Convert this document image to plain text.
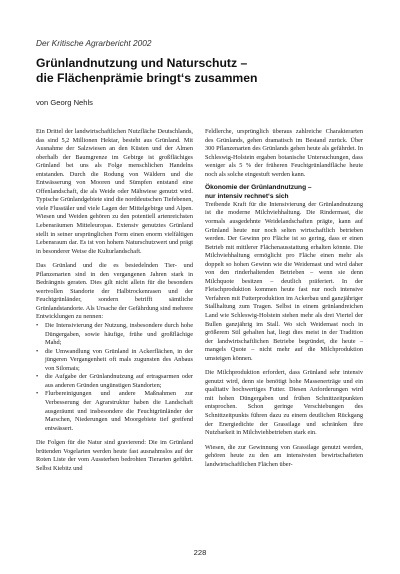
Der Kritische Agrarbericht 2002
Grünlandnutzung und Naturschutz –
die Flächenprämie bringt‘s zusammen
von Georg Nehls

Ein Drittel der landwirtschaftlichen Nutzfläche Deutschlands, das sind 5,2 Millionen Hektar, besteht aus Grünland. Mit Ausnahme der Salzwiesen an den Küsten und der Almen oberhalb der Baumgrenze im Gebirge ist großflächiges Grünland bei uns als Folge menschlichen Handelns entstanden. Durch die Rodung von Wäldern und die Entwässerung von Mooren und Sümpfen entstand eine Offenlandschaft, die als Weide oder Mähwiese genutzt wird. Typische Grünlandgebiete sind die norddeutschen Tiefebenen, viele Flusstäler und viele Lagen der Mittelgebirge und Alpen. Wiesen und Weiden gehören zu den potentiell artenreichsten Lebensräumen Mitteleuropas. Extensiv genutztes Grünland stellt in seiner ursprünglichen Form einen enorm vielfältigen Lebensraum dar. Es ist von hohem Naturschutzwert und prägt in besonderer Weise die Kulturlandschaft.

Das Grünland und die es besiedelnden Tier- und Pflanzenarten sind in den vergangenen Jahren stark in Bedrängnis geraten. Dies gilt nicht allein für die besonders wertvollen Standorte der Halbtrockenrasen und der Feuchtgrünländer, sondern betrifft sämtliche Grünlandstandorte. Als Ursache der Gefährdung sind mehrere Entwicklungen zu nennen:

• Die Intensivierung der Nutzung, insbesondere durch hohe Düngergaben, sowie häufige, frühe und großflächige Mahd;
• die Umwandlung von Grünland in Ackerflächen, in der jüngeren Vergangenheit oft mals zugunsten des Anbaus von Silomais;
• die Aufgabe der Grünlandnutzung auf ertragsarmen oder aus anderen Gründen ungünstigen Standorten;
• Flurbereinigungen und andere Maßnahmen zur Verbesserung der Agrarstruktur haben die Landschaft ausgeräumt und insbesondere die Feuchtgrünländer der Marschen, Niederungen und Moorgebiete tief greifend entwässert.

Die Folgen für die Natur sind gravierend: Die im Grünland brütenden Vogelarten werden heute fast ausnahmslos auf der Roten Liste der vom Aussterben bedrohten Tierarten geführt. Selbst Kiebitz und

Feldlerche, ursprünglich überaus zahlreiche Charakterarten des Grünlands, gehen dramatisch im Bestand zurück. Über 300 Pflanzenarten des Grünlands gehen heute als gefährdet. In Schleswig-Holstein ergaben botanische Untersuchungen, dass weniger als 5 % der früheren Feuchtgrünlandfläche heute noch als solche eingestuft werden kann.

Ökonomie der Grünlandnutzung –
nur intensiv rechnet‘s sich

Treibende Kraft für die Intensivierung der Grünlandnutzung ist die moderne Milchviehhaltung. Die Rindermast, die vormals ausgedehnte Weidelandschaften prägte, kann auf Grünland heute nur noch selten wirtschaftlich betrieben werden. Der Gewinn pro Fläche ist so gering, dass er einen Betrieb mit mittlerer Flächenausstattung erhalten könnte. Die Milchviehhaltung ermöglicht pro Fläche einen mehr als doppelt so hohen Gewinn wie die Weidemast und wird daher von den rinderhaltenden Betrieben – wenn sie denn Milchquote besitzen – deutlich präferiert. In der Fleischproduktion kommen heute fast nur noch intensive Verfahren mit Futterproduktion im Ackerbau und ganzjähriger Stallhaltung zum Tragen. Selbst in einem grünlandreichen Land wie Schleswig-Holstein stehen mehr als drei Viertel der Bullen ganzjährig im Stall. Wo sich Weidemast noch in größerem Stil gehalten hat, liegt dies meist in der Tradition der landwirtschaftlichen Betriebe begründet, die heute – mangels Quote – nicht mehr auf die Milchproduktion umsteigen können.

Die Milchproduktion erfordert, dass Grünland sehr intensiv genutzt wird, denn sie benötigt hohe Massenerträge und ein qualitativ hochwertiges Futter. Diesen Anforderungen wird mit hohen Düngergaben und frühen Schnittzeitpunkten entsprochen. Schon geringe Verschiebungen des Schnittzeitpunkts führen dazu zu einem deutlichen Rückgang der Energiedichte der Grassilage und schränken ihre Nutzbarkeit in Milchviehbetrieben stark ein.

Wiesen, die zur Gewinnung von Grassilage genutzt werden, gehören heute zu den am intensivsten bewirtschafteten landwirtschaftlichen Flächen über-

228
